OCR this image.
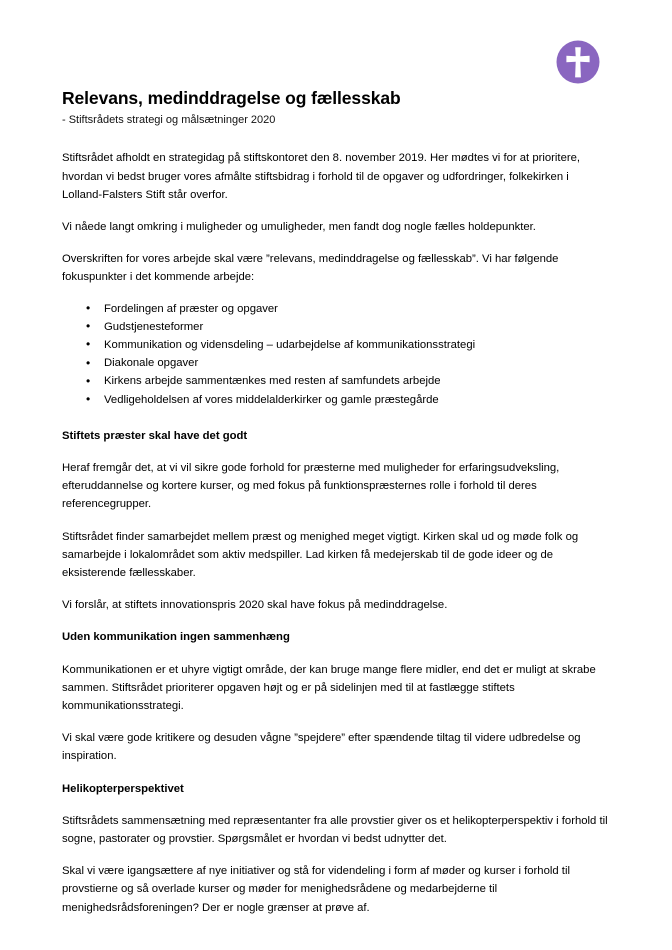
Relevans, medinddragelse og fællesskab

- Stiftsrådets strategi og målsætninger 2020

Stiftsrådet afholdt en strategidag på stiftskontoret den 8. november 2019. Her mødtes vi for at prioritere, hvordan vi bedst bruger vores afmålte stiftsbidrag i forhold til de opgaver og udfordringer, folkekirken i Lolland-Falsters Stift står overfor.

Vi nåede langt omkring i muligheder og umuligheder, men fandt dog nogle fælles holdepunkter.

Overskriften for vores arbejde skal være ”relevans, medinddragelse og fællesskab”. Vi har følgende fokuspunkter i det kommende arbejde:

• Fordelingen af præster og opgaver
• Gudstjenesteformer
• Kommunikation og vidensdeling – udarbejdelse af kommunikationsstrategi
• Diakonale opgaver
• Kirkens arbejde sammentænkes med resten af samfundets arbejde
• Vedligeholdelsen af vores middelalderkirker og gamle præstegårde
Stiftets præster skal have det godt

Heraf fremgår det, at vi vil sikre gode forhold for præsterne med muligheder for erfaringsudveksling, efteruddannelse og kortere kurser, og med fokus på funktionspræsternes rolle i forhold til deres referencegrupper.

Stiftsrådet finder samarbejdet mellem præst og menighed meget vigtigt. Kirken skal ud og møde folk og samarbejde i lokalområdet som aktiv medspiller. Lad kirken få medejerskab til de gode ideer og de eksisterende fællesskaber.

Vi forslår, at stiftets innovationspris 2020 skal have fokus på medinddragelse.

Uden kommunikation ingen sammenhæng

Kommunikationen er et uhyre vigtigt område, der kan bruge mange flere midler, end det er muligt at skrabe sammen. Stiftsrådet prioriterer opgaven højt og er på sidelinjen med til at fastlægge stiftets kommunikationsstrategi.

Vi skal være gode kritikere og desuden vågne ”spejdere” efter spændende tiltag til videre udbredelse og inspiration.

Helikopterperspektivet

Stiftsrådets sammensætning med repræsentanter fra alle provstier giver os et helikopterperspektiv i forhold til sogne, pastorater og provstier. Spørgsmålet er hvordan vi bedst udnytter det.

Skal vi være igangsættere af nye initiativer og stå for videndeling i form af møder og kurser i forhold til provstierne og så overlade kurser og møder for menighedsrådene og medarbejderne til menighedsrådsforeningen? Der er nogle grænser at prøve af.
